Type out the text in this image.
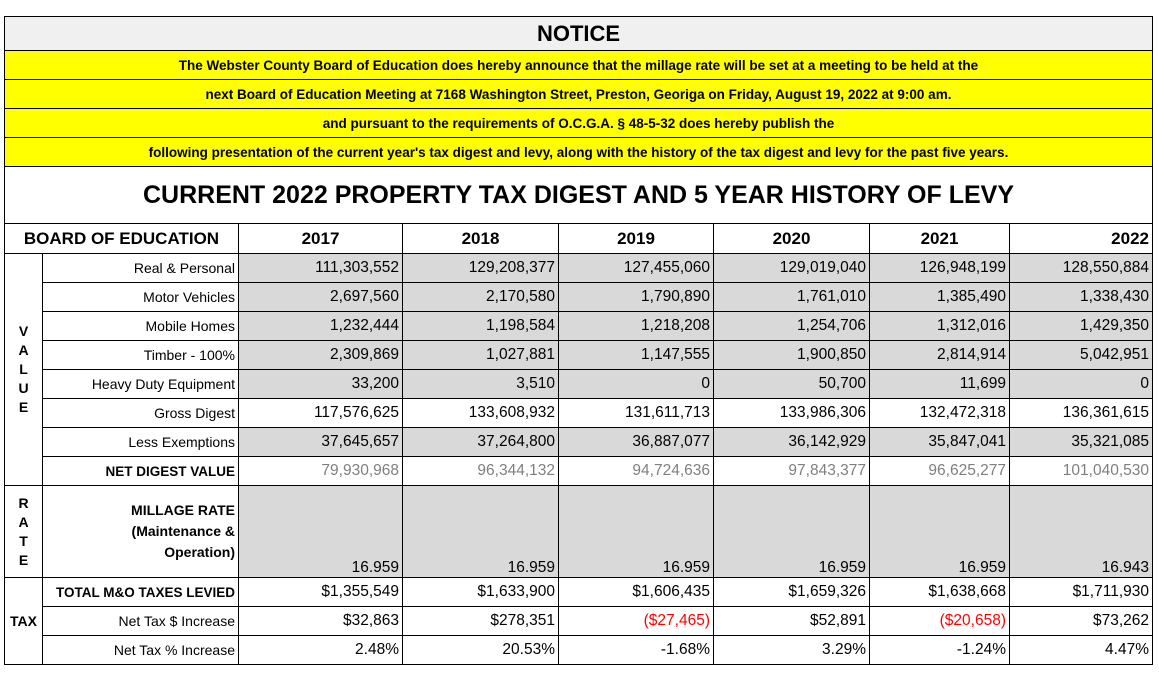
NOTICE							
The Webster County Board of Education does hereby announce that the millage rate will be set at a meeting to be held at the							
next Board of Education Meeting at 7168 Washington Street, Preston, Georiga on Friday, August 19, 2022 at 9:00 am.							
and pursuant to the requirements of O.C.G.A. § 48-5-32 does hereby publish the							
following presentation of the current year's tax digest and levy, along with the history of the tax digest and levy for the past five years.							
CURRENT 2022 PROPERTY TAX DIGEST AND 5 YEAR HISTORY OF LEVY							
BOARD OF EDUCATION		2017	2018	2019	2020	2021	2022
V
A
L
U
E	Real & Personal	111,303,552	129,208,377	127,455,060	129,019,040	126,948,199	128,550,884
	Motor Vehicles	2,697,560	2,170,580	1,790,890	1,761,010	1,385,490	1,338,430
	Mobile Homes	1,232,444	1,198,584	1,218,208	1,254,706	1,312,016	1,429,350
	Timber - 100%	2,309,869	1,027,881	1,147,555	1,900,850	2,814,914	5,042,951
	Heavy Duty Equipment	33,200	3,510	0	50,700	11,699	0
	Gross Digest	117,576,625	133,608,932	131,611,713	133,986,306	132,472,318	136,361,615
	Less Exemptions	37,645,657	37,264,800	36,887,077	36,142,929	35,847,041	35,321,085
	NET DIGEST VALUE	79,930,968	96,344,132	94,724,636	97,843,377	96,625,277	101,040,530
R
A
T
E	MILLAGE RATE
(Maintenance &
Operation)	16.959	16.959	16.959	16.959	16.959	16.943
TAX	TOTAL M&O TAXES LEVIED	$1,355,549	$1,633,900	$1,606,435	$1,659,326	$1,638,668	$1,711,930
	Net Tax $ Increase	$32,863	$278,351	($27,465)	$52,891	($20,658)	$73,262
	Net Tax % Increase	2.48%	20.53%	-1.68%	3.29%	-1.24%	4.47%
